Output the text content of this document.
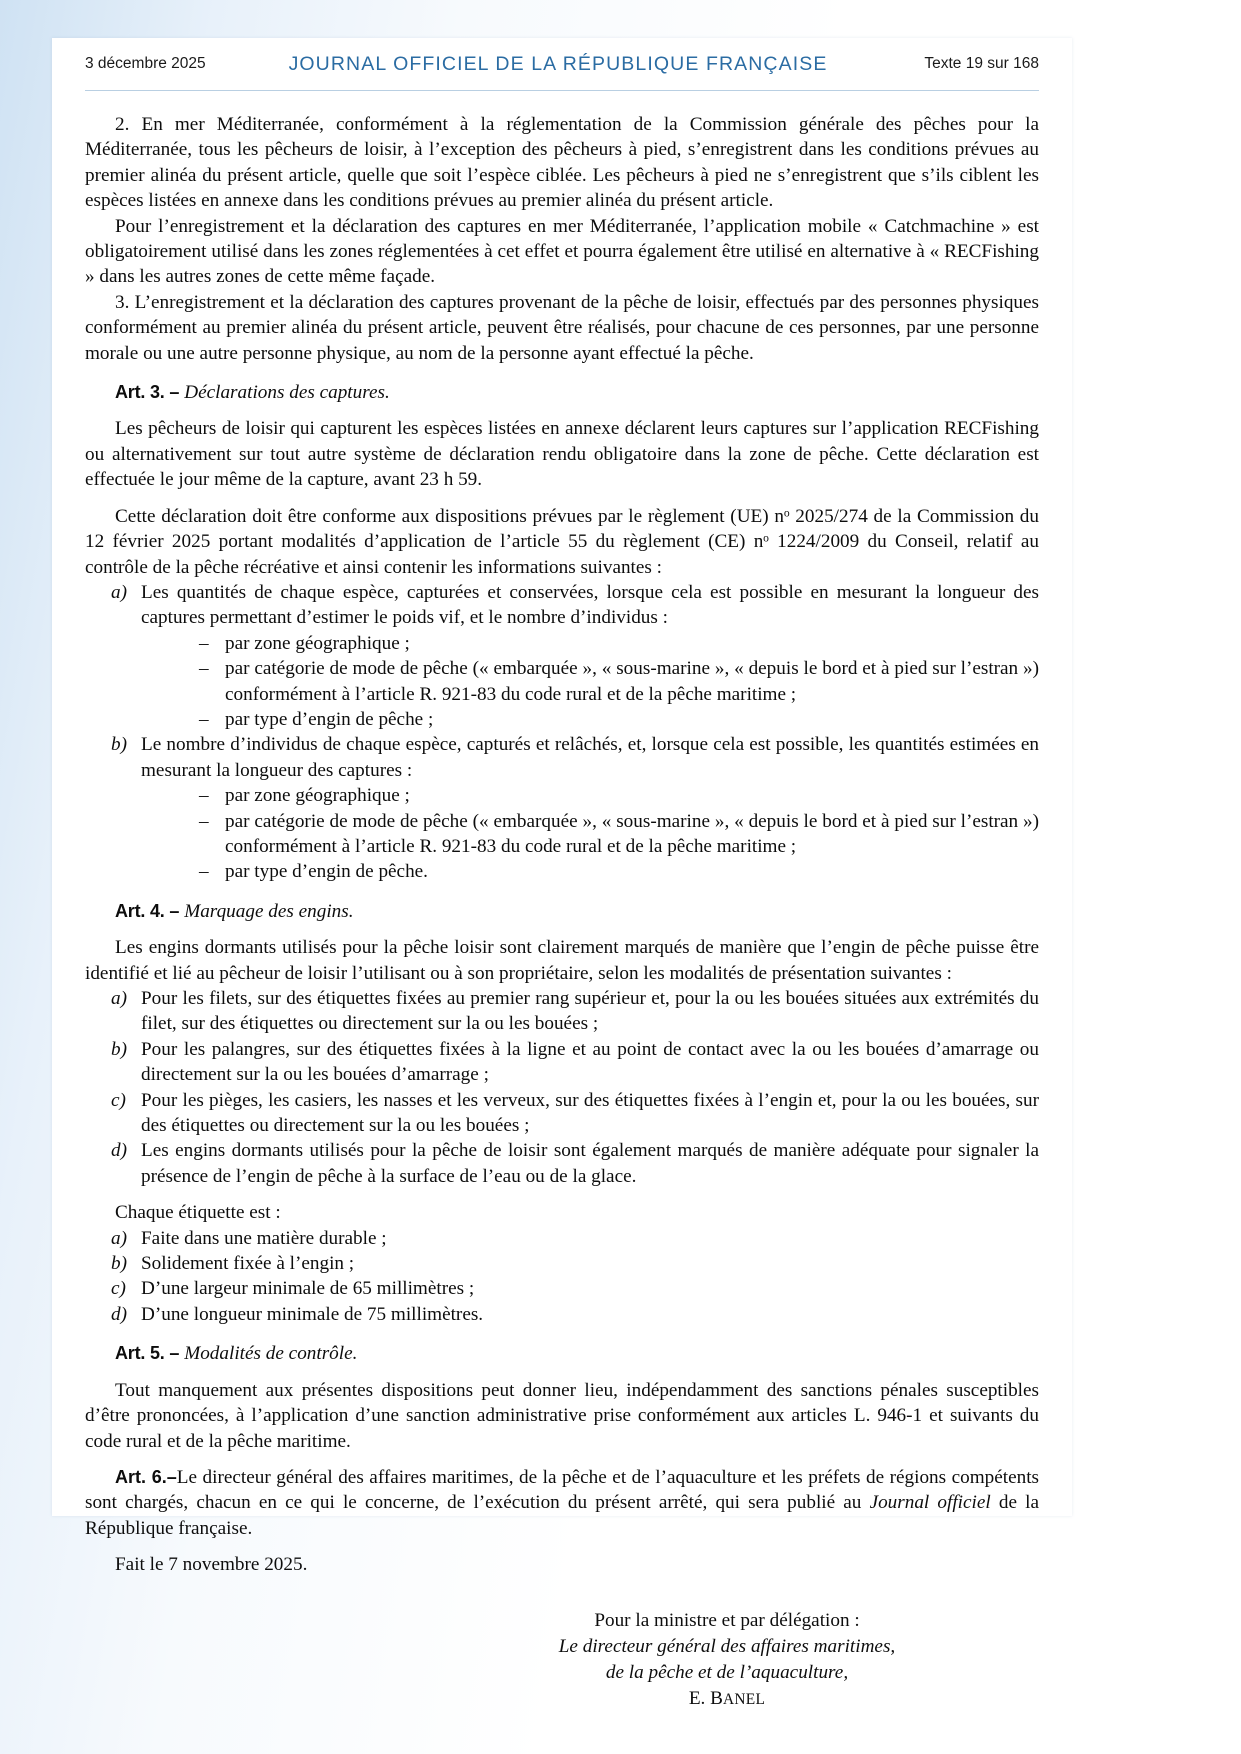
3 décembre 2025	JOURNAL OFFICIEL DE LA RÉPUBLIQUE FRANÇAISE	Texte 19 sur 168

2. En mer Méditerranée, conformément à la réglementation de la Commission générale des pêches pour la Méditerranée, tous les pêcheurs de loisir, à l’exception des pêcheurs à pied, s’enregistrent dans les conditions prévues au premier alinéa du présent article, quelle que soit l’espèce ciblée. Les pêcheurs à pied ne s’enregistrent que s’ils ciblent les espèces listées en annexe dans les conditions prévues au premier alinéa du présent article.

Pour l’enregistrement et la déclaration des captures en mer Méditerranée, l’application mobile « Catchmachine » est obligatoirement utilisé dans les zones réglementées à cet effet et pourra également être utilisé en alternative à « RECFishing » dans les autres zones de cette même façade.

3. L’enregistrement et la déclaration des captures provenant de la pêche de loisir, effectués par des personnes physiques conformément au premier alinéa du présent article, peuvent être réalisés, pour chacune de ces personnes, par une personne morale ou une autre personne physique, au nom de la personne ayant effectué la pêche.

Art. 3. – Déclarations des captures.

Les pêcheurs de loisir qui capturent les espèces listées en annexe déclarent leurs captures sur l’application RECFishing ou alternativement sur tout autre système de déclaration rendu obligatoire dans la zone de pêche. Cette déclaration est effectuée le jour même de la capture, avant 23 h 59.

Cette déclaration doit être conforme aux dispositions prévues par le règlement (UE) nᵒ 2025/274 de la Commission du 12 février 2025 portant modalités d’application de l’article 55 du règlement (CE) nᵒ 1224/2009 du Conseil, relatif au contrôle de la pêche récréative et ainsi contenir les informations suivantes :

a) Les quantités de chaque espèce, capturées et conservées, lorsque cela est possible en mesurant la longueur des captures permettant d’estimer le poids vif, et le nombre d’individus :
– par zone géographique ;
– par catégorie de mode de pêche (« embarquée », « sous-marine », « depuis le bord et à pied sur l’estran ») conformément à l’article R. 921-83 du code rural et de la pêche maritime ;
– par type d’engin de pêche ;
b) Le nombre d’individus de chaque espèce, capturés et relâchés, et, lorsque cela est possible, les quantités estimées en mesurant la longueur des captures :
– par zone géographique ;
– par catégorie de mode de pêche (« embarquée », « sous-marine », « depuis le bord et à pied sur l’estran ») conformément à l’article R. 921-83 du code rural et de la pêche maritime ;
– par type d’engin de pêche.
Art. 4. – Marquage des engins.

Les engins dormants utilisés pour la pêche loisir sont clairement marqués de manière que l’engin de pêche puisse être identifié et lié au pêcheur de loisir l’utilisant ou à son propriétaire, selon les modalités de présentation suivantes :

a) Pour les filets, sur des étiquettes fixées au premier rang supérieur et, pour la ou les bouées situées aux extrémités du filet, sur des étiquettes ou directement sur la ou les bouées ;
b) Pour les palangres, sur des étiquettes fixées à la ligne et au point de contact avec la ou les bouées d’amarrage ou directement sur la ou les bouées d’amarrage ;
c) Pour les pièges, les casiers, les nasses et les verveux, sur des étiquettes fixées à l’engin et, pour la ou les bouées, sur des étiquettes ou directement sur la ou les bouées ;
d) Les engins dormants utilisés pour la pêche de loisir sont également marqués de manière adéquate pour signaler la présence de l’engin de pêche à la surface de l’eau ou de la glace.

Chaque étiquette est :

a) Faite dans une matière durable ;
b) Solidement fixée à l’engin ;
c) D’une largeur minimale de 65 millimètres ;
d) D’une longueur minimale de 75 millimètres.
Art. 5. – Modalités de contrôle.

Tout manquement aux présentes dispositions peut donner lieu, indépendamment des sanctions pénales susceptibles d’être prononcées, à l’application d’une sanction administrative prise conformément aux articles L. 946-1 et suivants du code rural et de la pêche maritime.

Art. 6.–Le directeur général des affaires maritimes, de la pêche et de l’aquaculture et les préfets de régions compétents sont chargés, chacun en ce qui le concerne, de l’exécution du présent arrêté, qui sera publié au Journal officiel de la République française.

Fait le 7 novembre 2025.

Pour la ministre et par délégation :
Le directeur général des affaires maritimes,
de la pêche et de l’aquaculture,
E. BANEL
